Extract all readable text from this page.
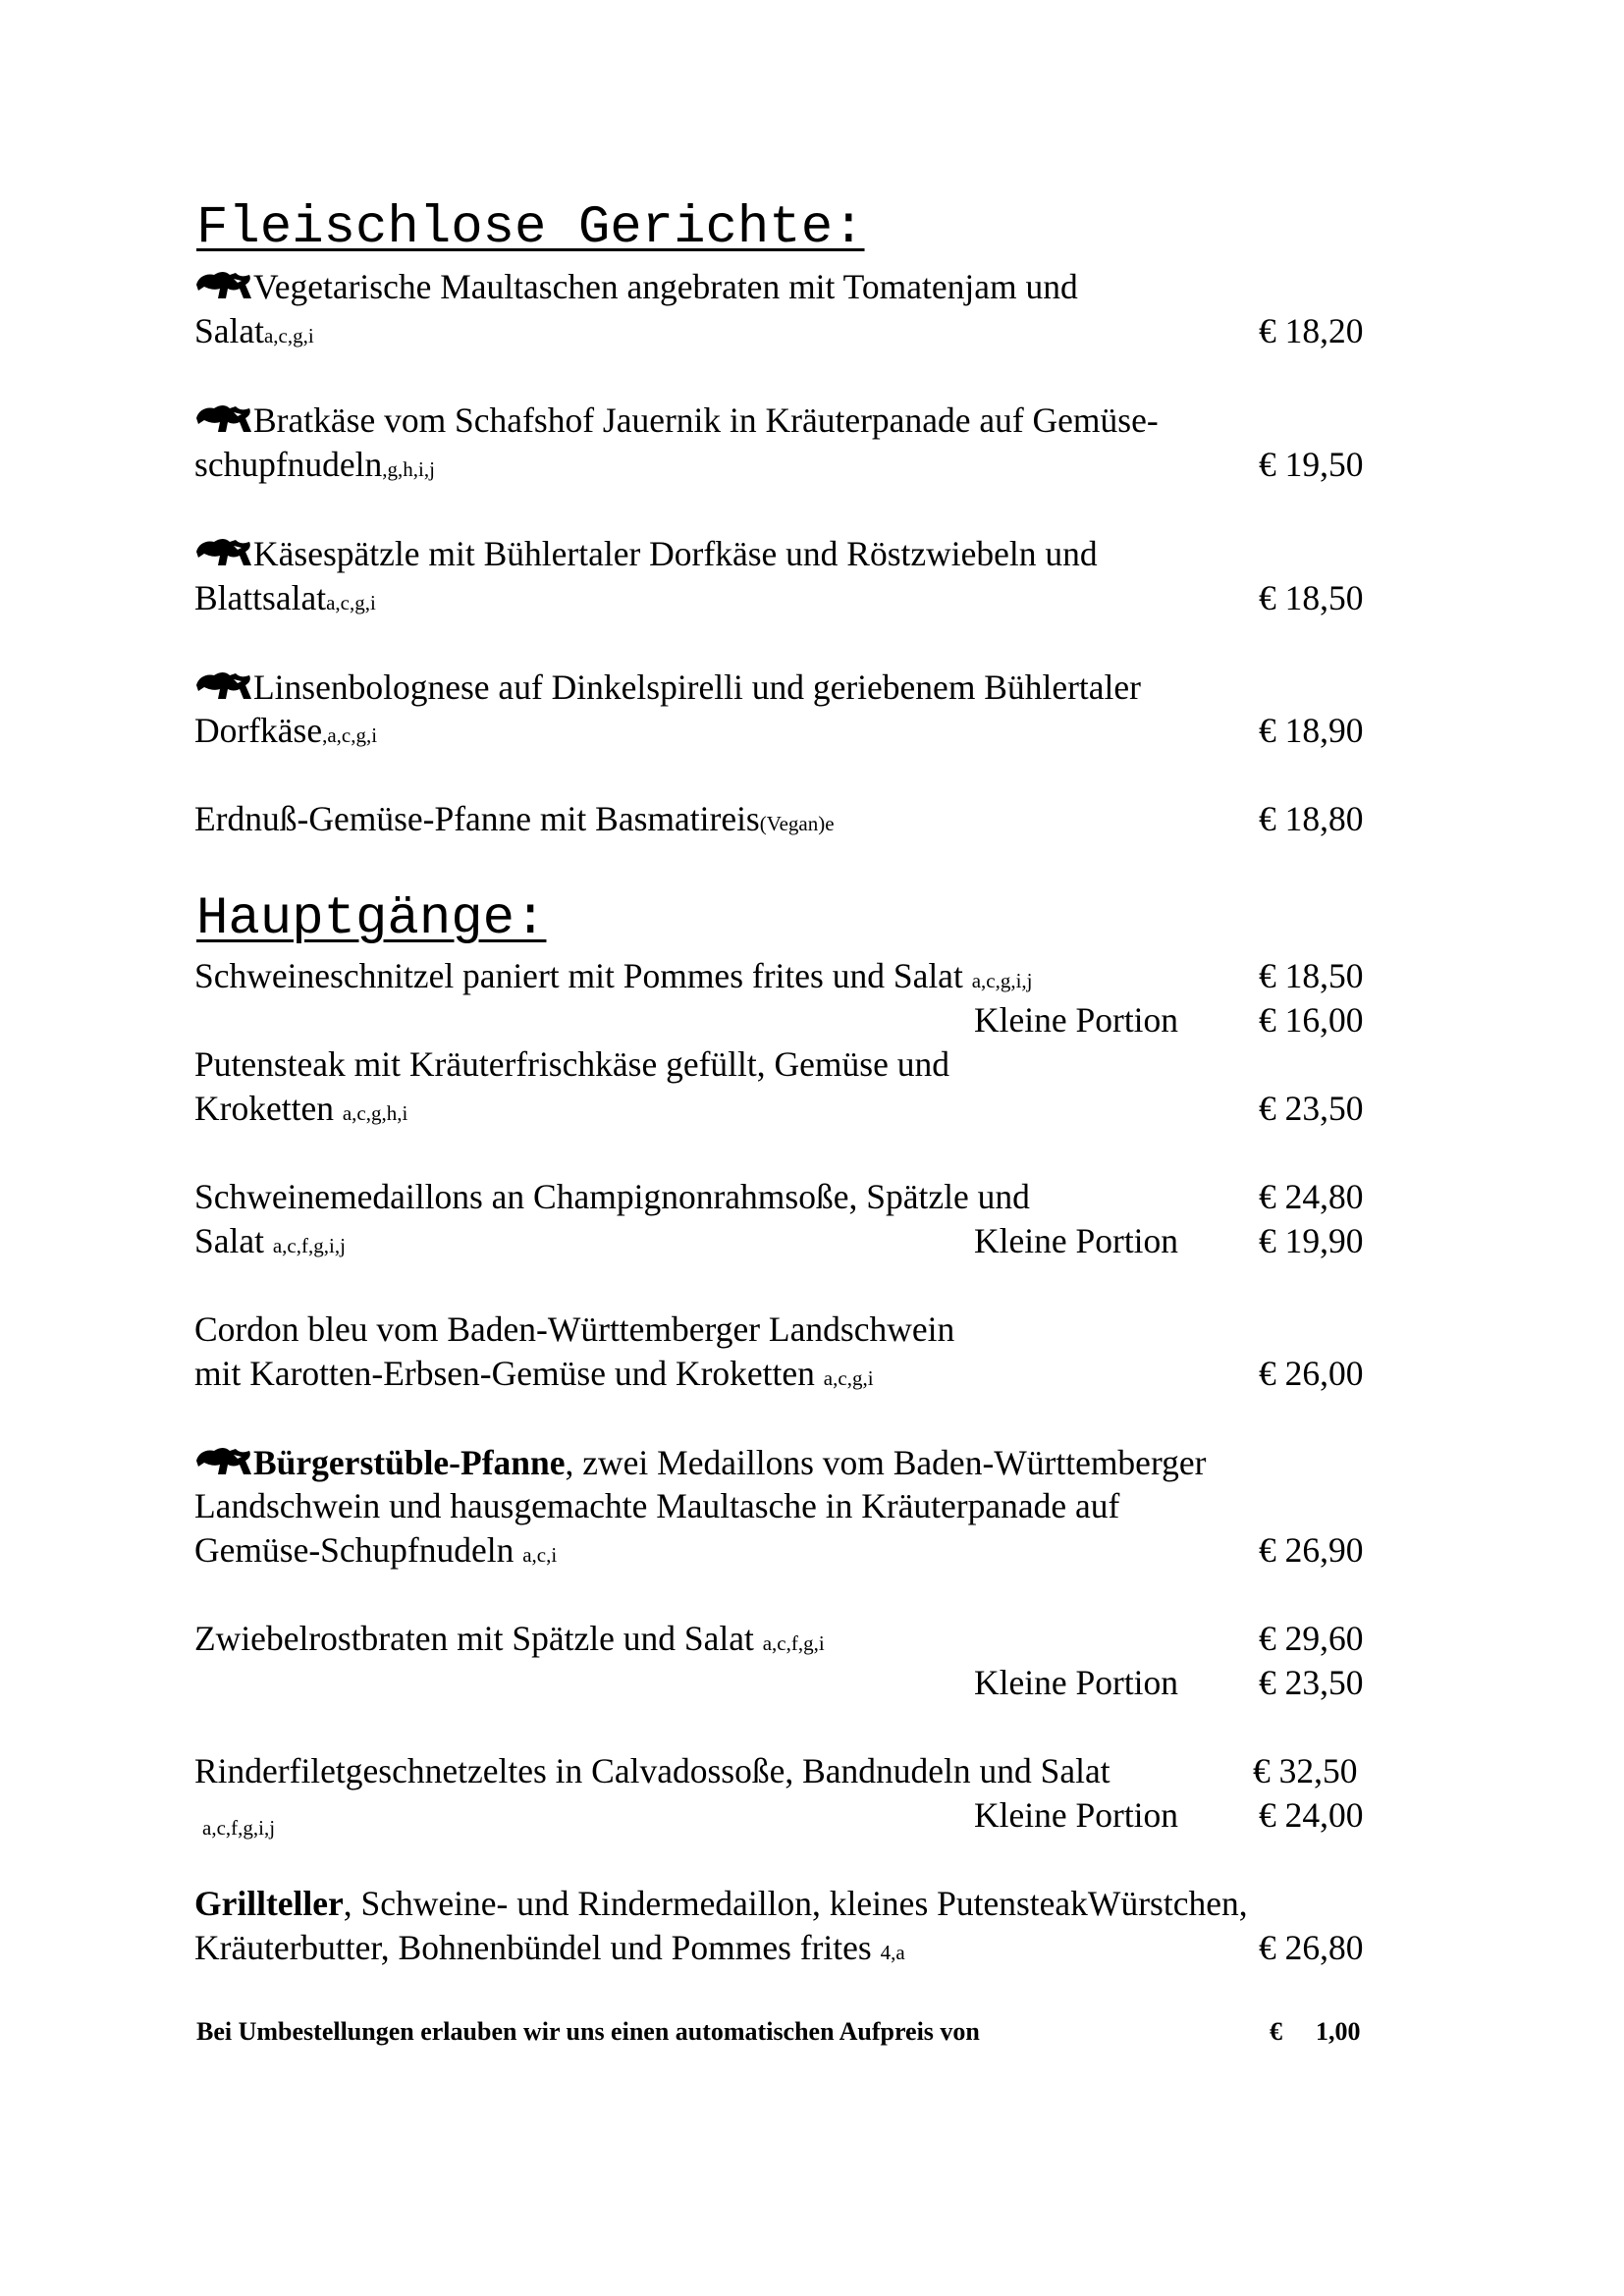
Fleischlose Gerichte:
Vegetarische Maultaschen angebraten mit Tomatenjam und
Salata,c,g,i	€ 18,20
Bratkäse vom Schafshof Jauernik in Kräuterpanade auf Gemüse-
schupfnudeln,g,h,i,j	€ 19,50
Käsespätzle mit Bühlertaler Dorfkäse und Röstzwiebeln und
Blattsalata,c,g,i	€ 18,50
Linsenbolognese auf Dinkelspirelli und geriebenem Bühlertaler
Dorfkäse,a,c,g,i	€ 18,90
Erdnuß-Gemüse-Pfanne mit Basmatireis(Vegan)e	€ 18,80
Hauptgänge:
Schweineschnitzel paniert mit Pommes frites und Salat a,c,g,i,j	€ 18,50
Kleine Portion € 16,00
Putensteak mit Kräuterfrischkäse gefüllt, Gemüse und
Kroketten a,c,g,h,i	€ 23,50
Schweinemedaillons an Champignonrahmsoße, Spätzle und	€ 24,80
Salat a,c,f,g,i,j	Kleine Portion € 19,90
Cordon bleu vom Baden-Württemberger Landschwein
mit Karotten-Erbsen-Gemüse und Kroketten a,c,g,i	€ 26,00
Bürgerstüble-Pfanne, zwei Medaillons vom Baden-Württemberger
Landschwein und hausgemachte Maultasche in Kräuterpanade auf
Gemüse-Schupfnudeln a,c,i	€ 26,90
Zwiebelrostbraten mit Spätzle und Salat a,c,f,g,i	€ 29,60
Kleine Portion € 23,50
Rinderfiletgeschnetzeltes in Calvadossoße, Bandnudeln und Salat	€ 32,50
a,c,f,g,i,j	Kleine Portion € 24,00
Grillteller, Schweine- und Rindermedaillon, kleines PutensteakWürstchen,
Kräuterbutter, Bohnenbündel und Pommes frites 4,a	€ 26,80
Bei Umbestellungen erlauben wir uns einen automatischen Aufpreis von	€ 1,00
